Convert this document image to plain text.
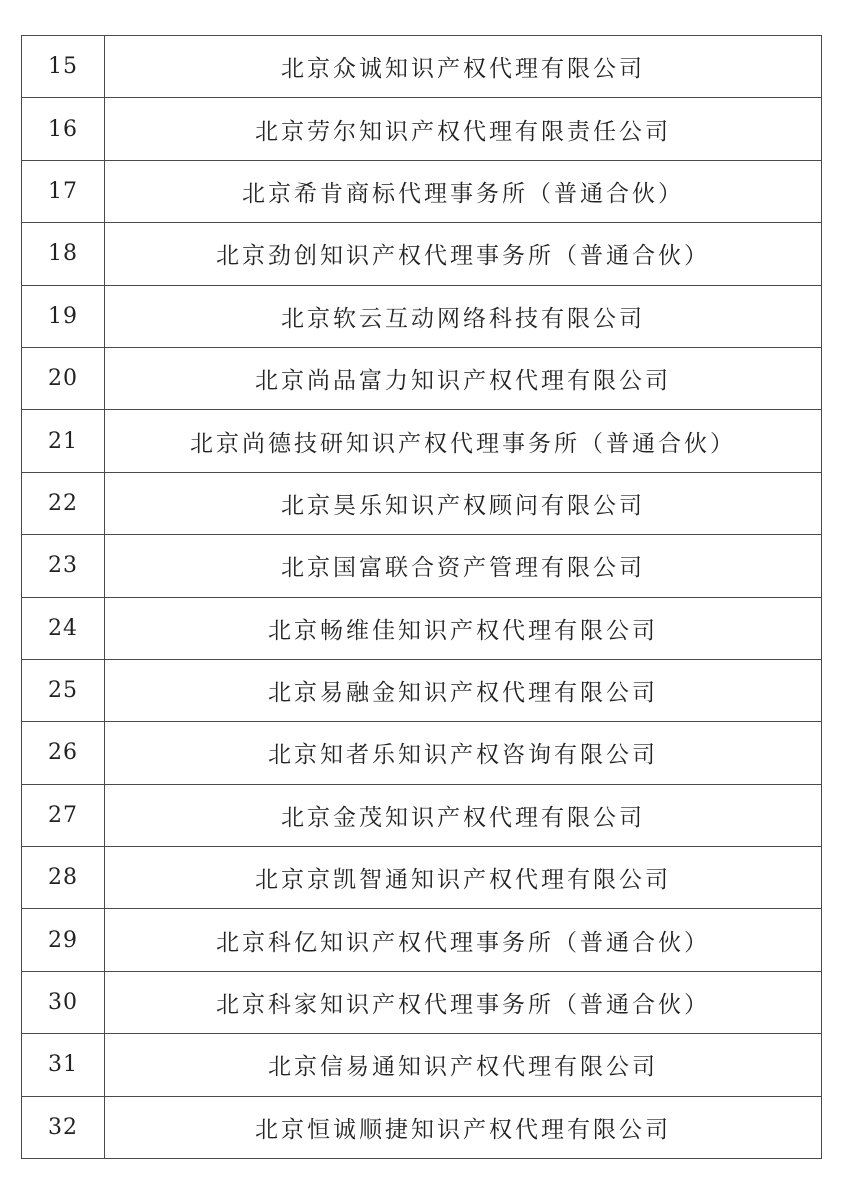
15	北京众诚知识产权代理有限公司
16	北京劳尔知识产权代理有限责任公司
17	北京希肯商标代理事务所（普通合伙）
18	北京劲创知识产权代理事务所（普通合伙）
19	北京软云互动网络科技有限公司
20	北京尚品富力知识产权代理有限公司
21	北京尚德技研知识产权代理事务所（普通合伙）
22	北京昊乐知识产权顾问有限公司
23	北京国富联合资产管理有限公司
24	北京畅维佳知识产权代理有限公司
25	北京易融金知识产权代理有限公司
26	北京知者乐知识产权咨询有限公司
27	北京金茂知识产权代理有限公司
28	北京京凯智通知识产权代理有限公司
29	北京科亿知识产权代理事务所（普通合伙）
30	北京科家知识产权代理事务所（普通合伙）
31	北京信易通知识产权代理有限公司
32	北京恒诚顺捷知识产权代理有限公司
